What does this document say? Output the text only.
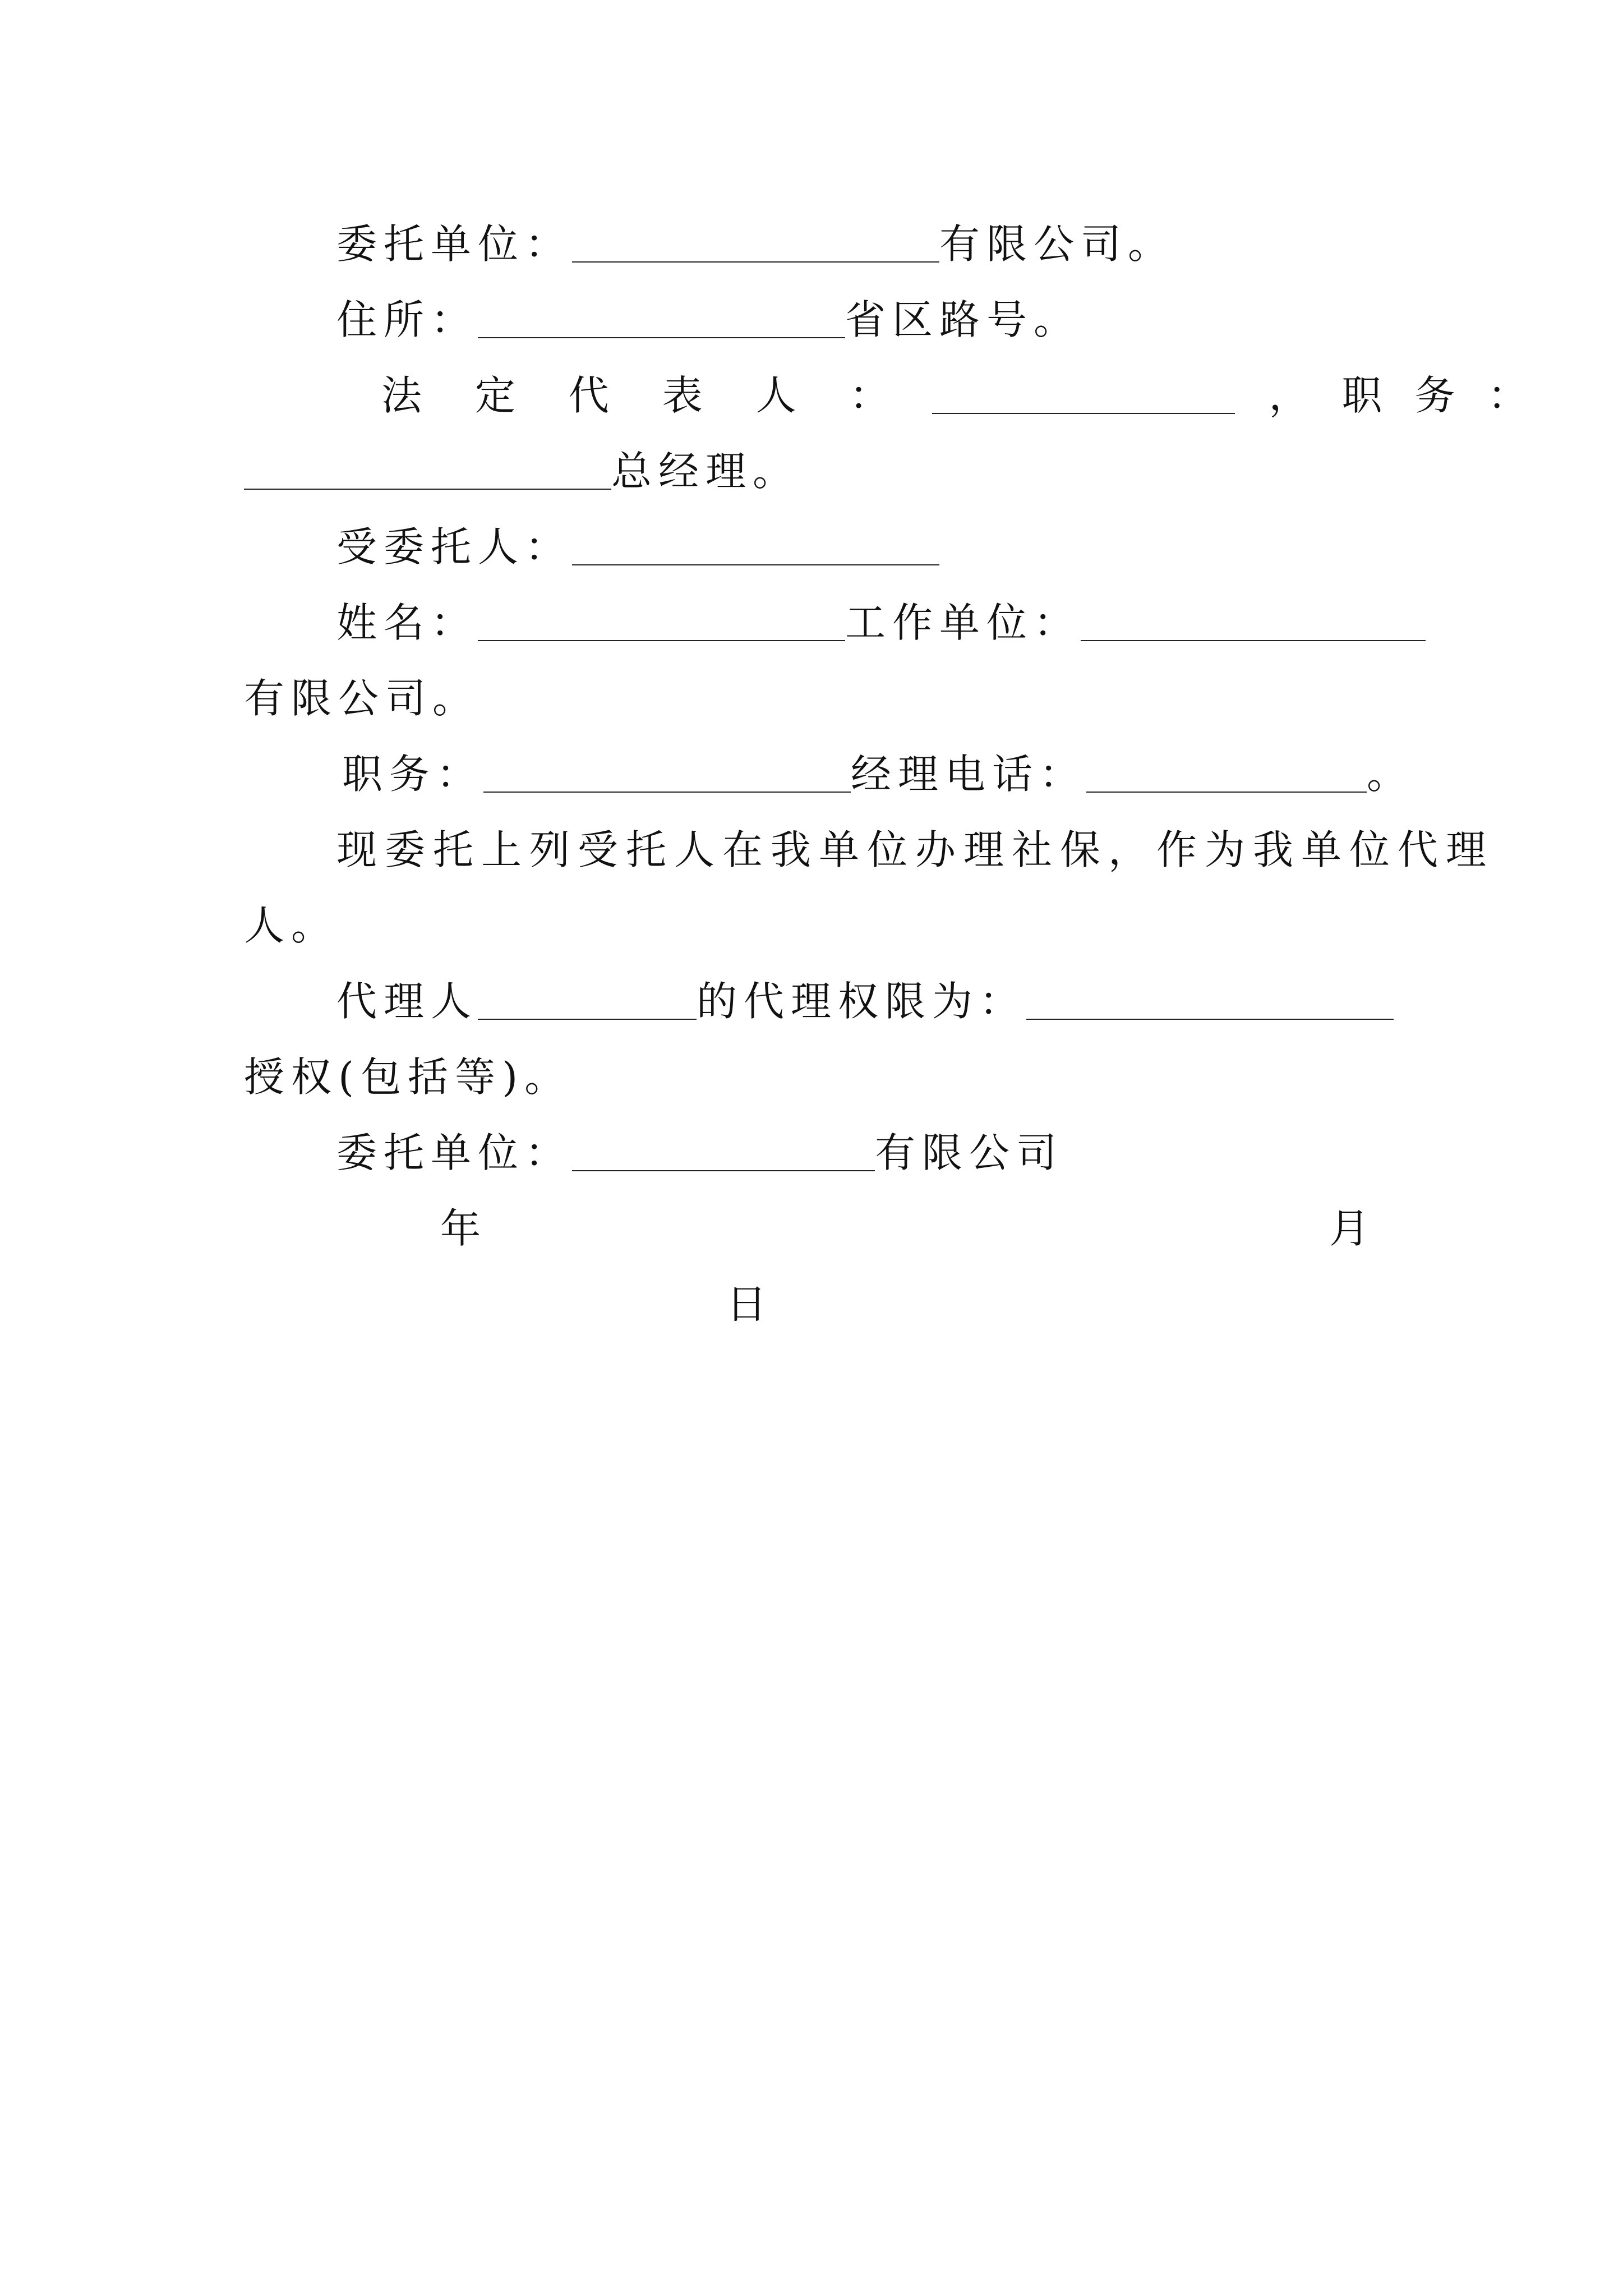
委托单位：	有限公司。
住所：	省区路号。
法 定 代 表 人 ：	，职务：
总经理。
受委托人：
姓名：	工作单位：
有限公司。
职务：	经理电话：	。
现委托上列受托人在我单位办理社保，作为我单位代理
人。
代理人	的代理权限为：
授权(包括等)。
委托单位：	有限公司
年	月
日
